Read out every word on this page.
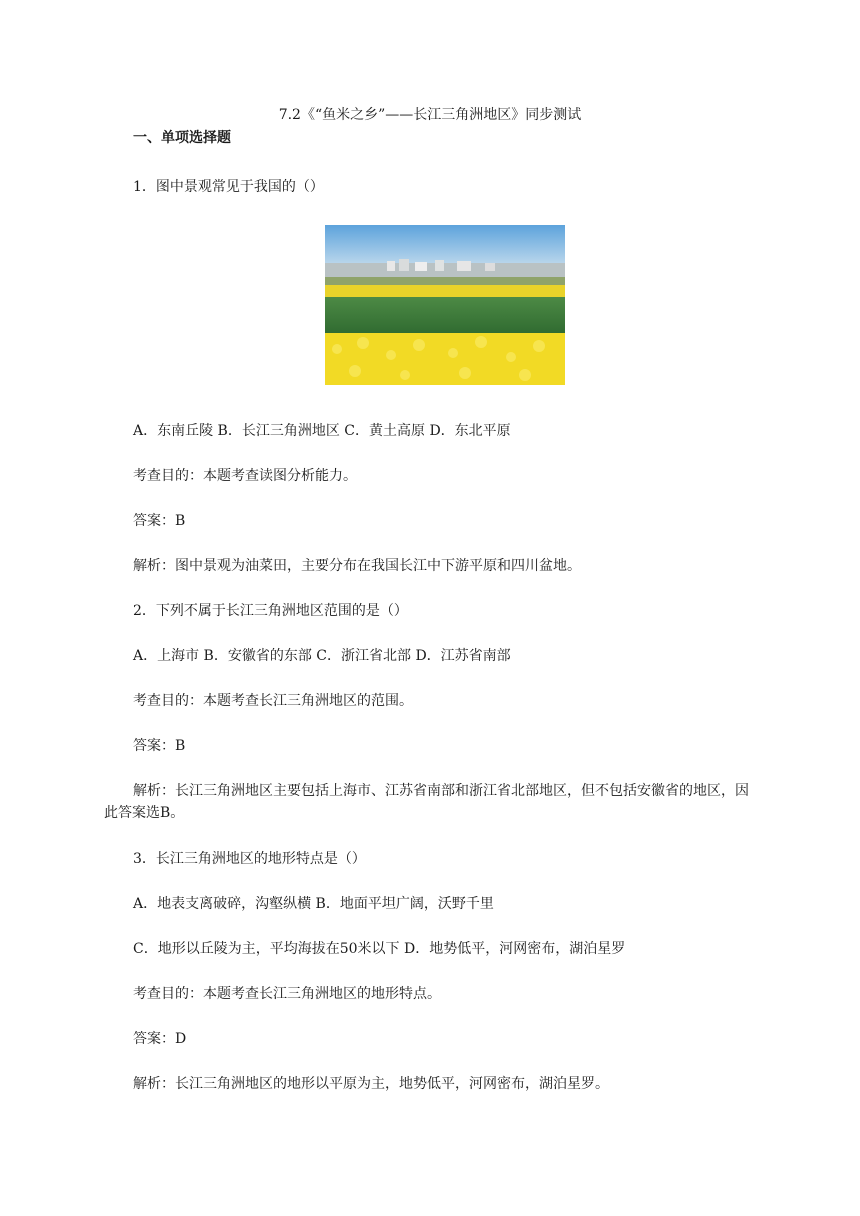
7.2《“鱼米之乡”——长江三角洲地区》同步测试
一、单项选择题
1．图中景观常见于我国的（）
A．东南丘陵 B．长江三角洲地区 C．黄土高原 D．东北平原
考查目的：本题考查读图分析能力。
答案：B
解析：图中景观为油菜田，主要分布在我国长江中下游平原和四川盆地。
2．下列不属于长江三角洲地区范围的是（）
A．上海市 B．安徽省的东部 C．浙江省北部 D．江苏省南部
考查目的：本题考查长江三角洲地区的范围。
答案：B
解析：长江三角洲地区主要包括上海市、江苏省南部和浙江省北部地区，但不包括安徽省的地区，因此答案选B。
3．长江三角洲地区的地形特点是（）
A．地表支离破碎，沟壑纵横 B．地面平坦广阔，沃野千里
C．地形以丘陵为主，平均海拔在50米以下 D．地势低平，河网密布，湖泊星罗
考查目的：本题考查长江三角洲地区的地形特点。
答案：D
解析：长江三角洲地区的地形以平原为主，地势低平，河网密布，湖泊星罗。
